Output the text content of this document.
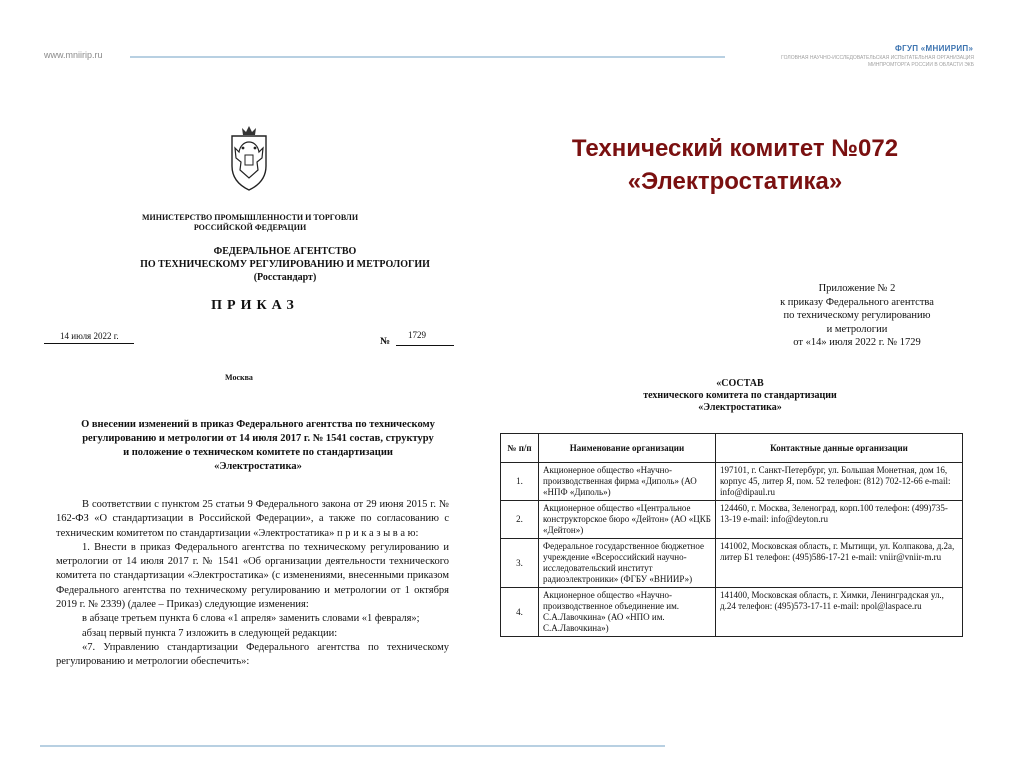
www.mniirip.ru
ФГУП «МНИИРИП»
ГОЛОВНАЯ НАУЧНО-ИССЛЕДОВАТЕЛЬСКАЯ ИСПЫТАТЕЛЬНАЯ ОРГАНИЗАЦИЯ
МИНПРОМТОРГА РОССИИ В ОБЛАСТИ ЭКБ
Технический комитет №072
«Электростатика»
МИНИСТЕРСТВО ПРОМЫШЛЕННОСТИ И ТОРГОВЛИ
РОССИЙСКОЙ ФЕДЕРАЦИИ
ФЕДЕРАЛЬНОЕ АГЕНТСТВО
ПО ТЕХНИЧЕСКОМУ РЕГУЛИРОВАНИЮ И МЕТРОЛОГИИ
(Росстандарт)
ПРИКАЗ
14 июля 2022 г.	№
1729
Москва
О внесении изменений в приказ Федерального агентства по техническому
регулированию и метрологии от 14 июля 2017 г. № 1541 состав, структуру
и положение о техническом комитете по стандартизации
«Электростатика»

В соответствии с пунктом 25 статьи 9 Федерального закона от 29 июня 2015 г. № 162-ФЗ «О стандартизации в Российской Федерации», а также по согласованию с техническим комитетом по стандартизации «Электростатика» п р и к а з ы в а ю:

1. Внести в приказ Федерального агентства по техническому регулированию и метрологии от 14 июля 2017 г. № 1541 «Об организации деятельности технического комитета по стандартизации «Электростатика» (с изменениями, внесенными приказом Федерального агентства по техническому регулированию и метрологии от 1 октября 2019 г. № 2339) (далее – Приказ) следующие изменения:

в абзаце третьем пункта 6 слова «1 апреля» заменить словами «1 февраля»;

абзац первый пункта 7 изложить в следующей редакции:

«7. Управлению стандартизации Федерального агентства по техническому регулированию и метрологии обеспечить»:

Приложение № 2
к приказу Федерального агентства
по техническому регулированию
и метрологии
от «14» июля 2022 г. № 1729
«СОСТАВ
технического комитета по стандартизации
«Электростатика»
№ п/п	Наименование организации	Контактные данные организации
1.	Акционерное общество «Научно-производственная фирма «Диполь» (АО «НПФ «Диполь»)	197101, г. Санкт-Петербург, ул. Большая Монетная, дом 16, корпус 45, литер Я, пом. 52 телефон: (812) 702-12-66 e-mail: info@dipaul.ru
2.	Акционерное общество «Центральное конструкторское бюро «Дейтон» (АО «ЦКБ «Дейтон»)	124460, г. Москва, Зеленоград, корп.100 телефон: (499)735-13-19 e-mail: info@deyton.ru
3.	Федеральное государственное бюджетное учреждение «Всероссийский научно-исследовательский институт радиоэлектроники» (ФГБУ «ВНИИР»)	141002, Московская область, г. Мытищи, ул. Колпакова, д.2а, литер Б1 телефон: (495)586-17-21 e-mail: vniir@vniir-m.ru
4.	Акционерное общество «Научно-производственное объединение им. С.А.Лавочкина» (АО «НПО им. С.А.Лавочкина»)	141400, Московская область, г. Химки, Ленинградская ул., д.24 телефон: (495)573-17-11 e-mail: npol@laspace.ru
